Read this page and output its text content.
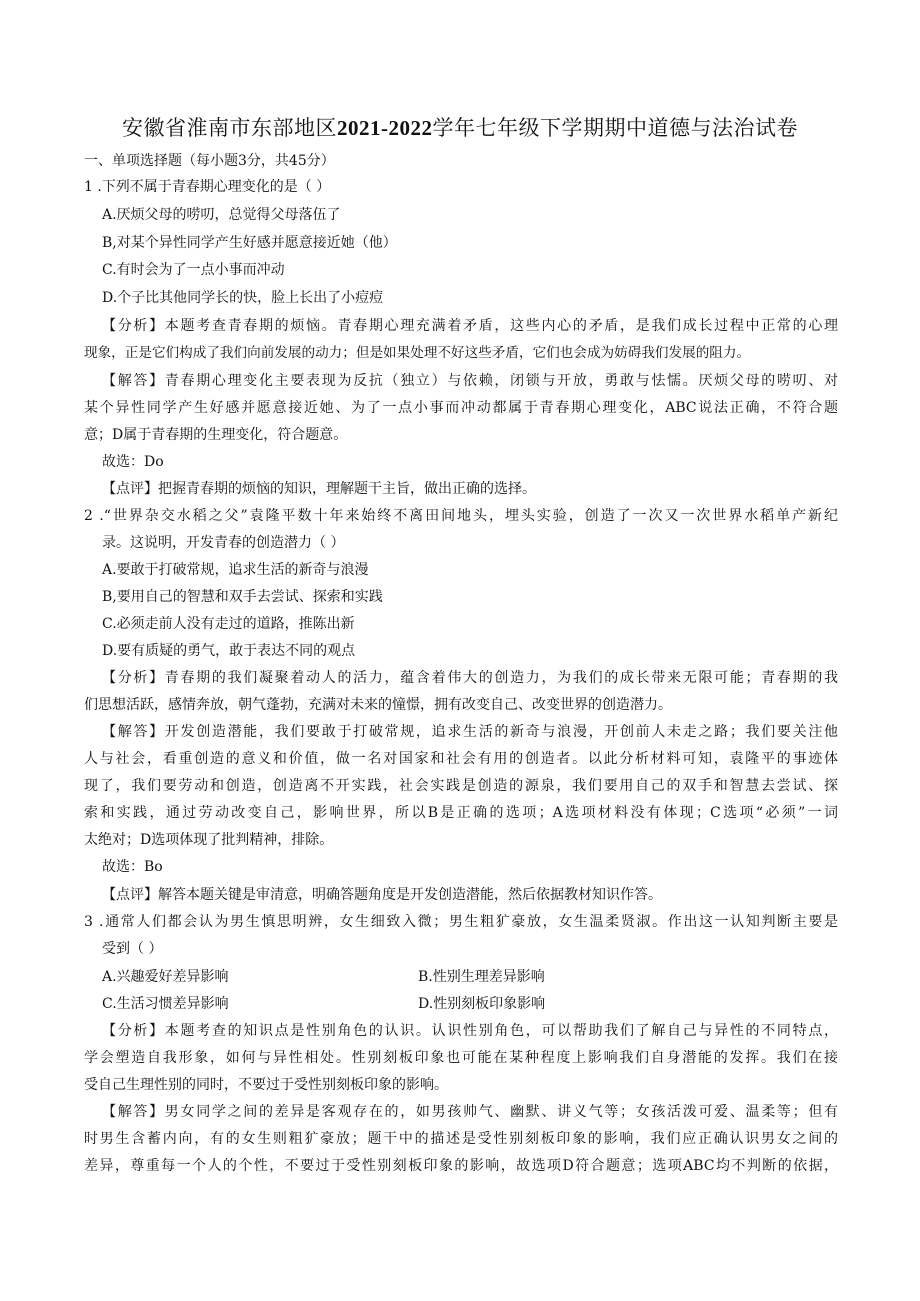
安徽省淮南市东部地区2021-2022学年七年级下学期期中道德与法治试卷
一、单项选择题（每小题3分，共45分）
1 .下列不属于青春期心理变化的是（ ）
A.厌烦父母的唠叨，总觉得父母落伍了
B,对某个异性同学产生好感并愿意接近她（他）
C.有时会为了一点小事而冲动
D.个子比其他同学长的快，脸上长出了小痘痘
【分析】本题考查青春期的烦恼。青春期心理充满着矛盾，这些内心的矛盾，是我们成长过程中正常的心理
现象，正是它们构成了我们向前发展的动力；但是如果处理不好这些矛盾，它们也会成为妨碍我们发展的阻力。
【解答】青春期心理变化主要表现为反抗（独立）与依赖，闭锁与开放，勇敢与怯懦。厌烦父母的唠叨、对
某个异性同学产生好感并愿意接近她、为了一点小事而冲动都属于青春期心理变化，ABC说法正确，不符合题
意；D属于青春期的生理变化，符合题意。
故选：Do
【点评】把握青春期的烦恼的知识，理解题干主旨，做出正确的选择。
2 .“世界杂交水稻之父”袁隆平数十年来始终不离田间地头，埋头实验，创造了一次又一次世界水稻单产新纪
录。这说明，开发青春的创造潜力（ ）
A.要敢于打破常规，追求生活的新奇与浪漫
B,要用自己的智慧和双手去尝试、探索和实践
C.必须走前人没有走过的道路，推陈出新
D.要有质疑的勇气，敢于表达不同的观点
【分析】青春期的我们凝聚着动人的活力，蕴含着伟大的创造力，为我们的成长带来无限可能；青春期的我
们思想活跃，感情奔放，朝气蓬勃，充满对未来的憧憬，拥有改变自己、改变世界的创造潜力。
【解答】开发创造潜能，我们要敢于打破常规，追求生活的新奇与浪漫，开创前人未走之路；我们要关注他
人与社会，看重创造的意义和价值，做一名对国家和社会有用的创造者。以此分析材料可知，袁隆平的事迹体
现了，我们要劳动和创造，创造离不开实践，社会实践是创造的源泉，我们要用自己的双手和智慧去尝试、探
索和实践，通过劳动改变自己，影响世界，所以B是正确的选项；A选项材料没有体现；C选项“必须”一词
太绝对；D选项体现了批判精神，排除。
故选：Bo
【点评】解答本题关键是审清意，明确答题角度是开发创造潜能，然后依据教材知识作答。
3 .通常人们都会认为男生慎思明辨，女生细致入微；男生粗犷豪放，女生温柔贤淑。作出这一认知判断主要是
受到（ ）
A.兴趣爱好差异影响	B.性别生理差异影响
C.生活习惯差异影响	D.性别刻板印象影响
【分析】本题考查的知识点是性别角色的认识。认识性别角色，可以帮助我们了解自己与异性的不同特点，
学会塑造自我形象，如何与异性相处。性别刻板印象也可能在某种程度上影响我们自身潜能的发挥。我们在接
受自己生理性别的同时，不要过于受性别刻板印象的影响。
【解答】男女同学之间的差异是客观存在的，如男孩帅气、幽默、讲义气等；女孩活泼可爱、温柔等；但有
时男生含蓄内向，有的女生则粗犷豪放；题干中的描述是受性别刻板印象的影响，我们应正确认识男女之间的
差异，尊重每一个人的个性，不要过于受性别刻板印象的影响，故选项D符合题意；选项ABC均不判断的依据，
